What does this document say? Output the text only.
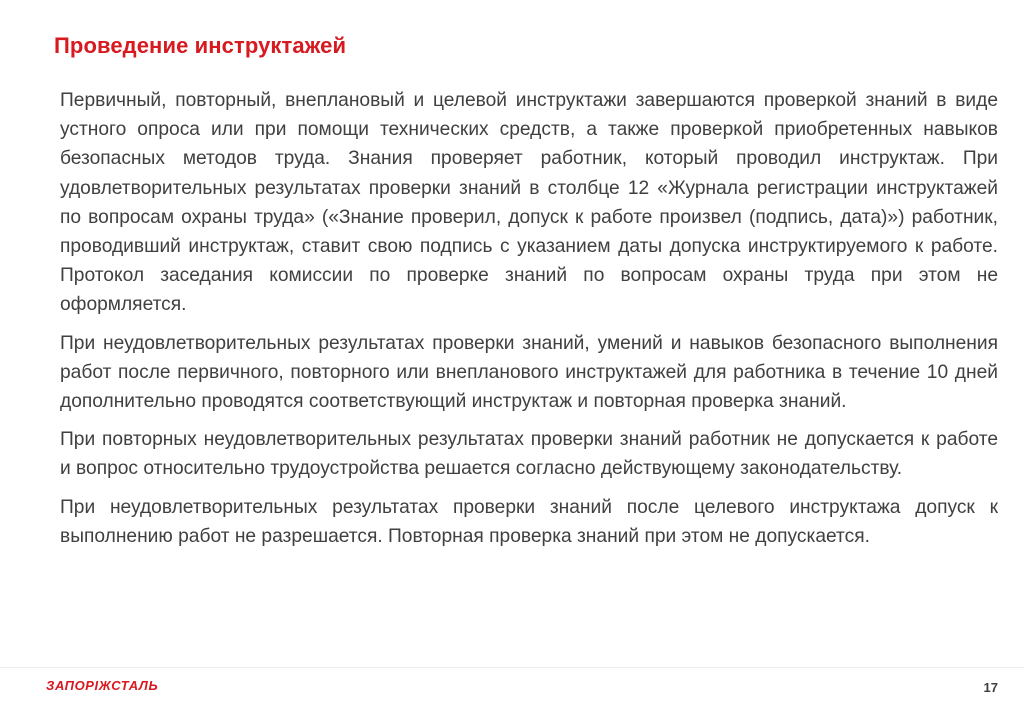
Проведение инструктажей

Первичный, повторный, внеплановый и целевой инструктажи завершаются проверкой знаний в виде устного опроса или при помощи технических средств, а также проверкой приобретенных навыков безопасных методов труда. Знания проверяет работник, который проводил инструктаж. При удовлетворительных результатах проверки знаний в столбце 12 «Журнала регистрации инструктажей по вопросам охраны труда» («Знание проверил, допуск к работе произвел (подпись, дата)») работник, проводивший инструктаж, ставит свою подпись с указанием даты допуска инструктируемого к работе. Протокол заседания комиссии по проверке знаний по вопросам охраны труда при этом не оформляется.

При неудовлетворительных результатах проверки знаний, умений и навыков безопасного выполнения работ после первичного, повторного или внепланового инструктажей для работника в течение 10 дней дополнительно проводятся соответствующий инструктаж и повторная проверка знаний.

При повторных неудовлетворительных результатах проверки знаний работник не допускается к работе и вопрос относительно трудоустройства решается согласно действующему законодательству.

При неудовлетворительных результатах проверки знаний после целевого инструктажа допуск к выполнению работ не разрешается. Повторная проверка знаний при этом не допускается.

ЗАПОРІЖСТАЛЬ	17
